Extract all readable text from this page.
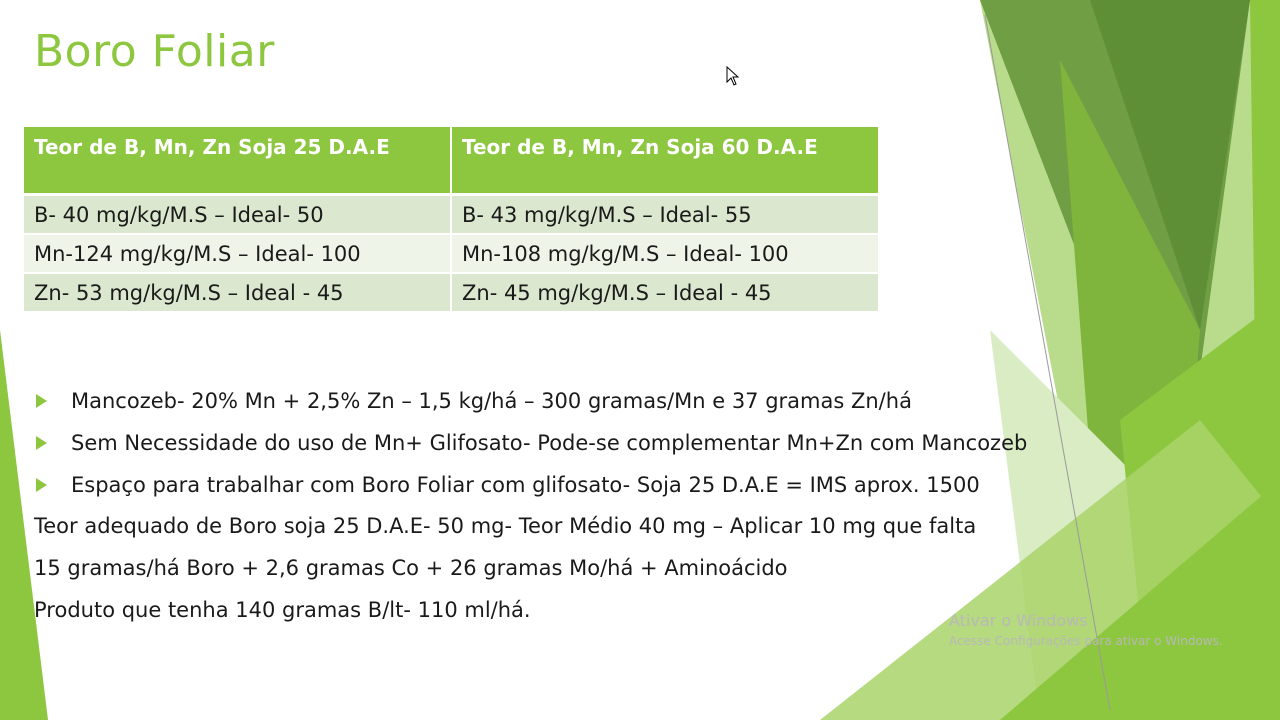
Boro Foliar
Teor de B, Mn, Zn Soja 25 D.A.E	Teor de B, Mn, Zn Soja 60 D.A.E
B- 40 mg/kg/M.S – Ideal- 50	B- 43 mg/kg/M.S – Ideal- 55
Mn-124 mg/kg/M.S – Ideal- 100	Mn-108 mg/kg/M.S – Ideal- 100
Zn- 53 mg/kg/M.S – Ideal - 45	Zn- 45 mg/kg/M.S – Ideal - 45
Mancozeb- 20% Mn + 2,5% Zn – 1,5 kg/há – 300 gramas/Mn e 37 gramas Zn/há
Sem Necessidade do uso de Mn+ Glifosato- Pode-se complementar Mn+Zn com Mancozeb
Espaço para trabalhar com Boro Foliar com glifosato- Soja 25 D.A.E = IMS aprox. 1500

Teor adequado de Boro soja 25 D.A.E- 50 mg- Teor Médio 40 mg – Aplicar 10 mg que falta

15 gramas/há Boro + 2,6 gramas Co + 26 gramas Mo/há + Aminoácido

Produto que tenha 140 gramas B/lt- 110 ml/há.	Ativar o Windows
Acesse Configurações para ativar o Windows.
